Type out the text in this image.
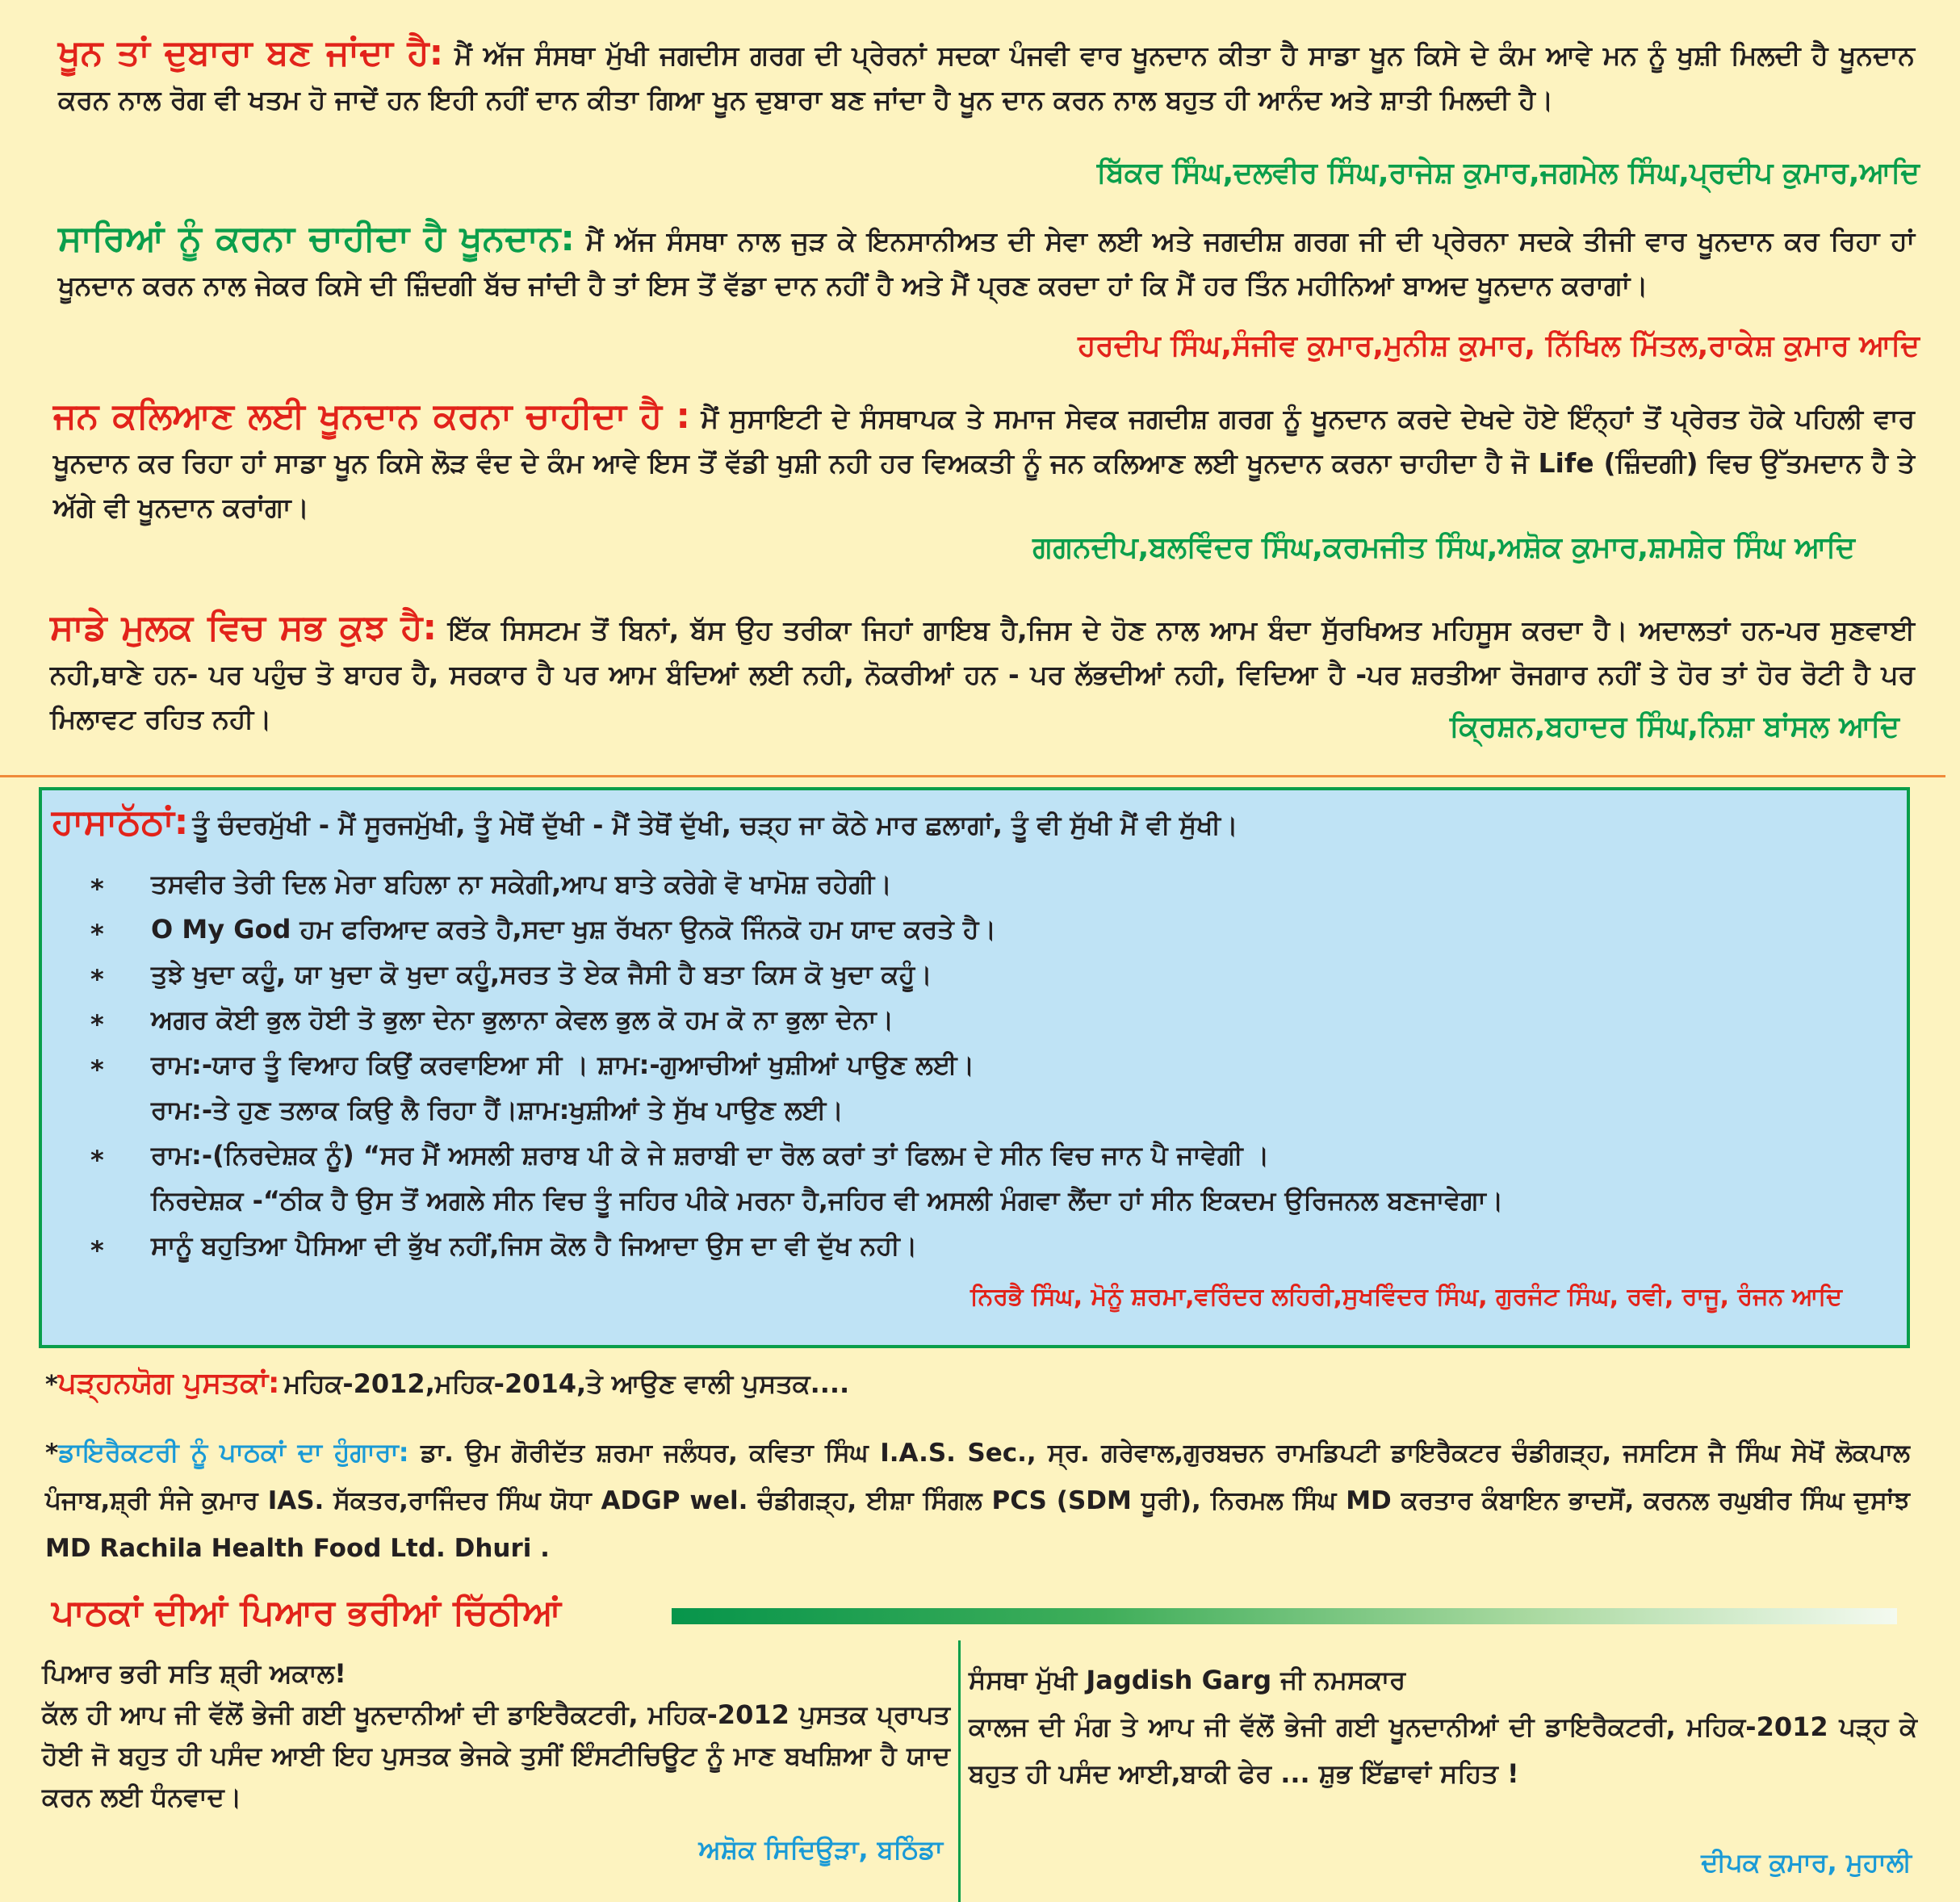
ਖੂਨ ਤਾਂ ਦੁਬਾਰਾ ਬਣ ਜਾਂਦਾ ਹੈ: ਮੈਂ ਅੱਜ ਸੰਸਥਾ ਮੁੱਖੀ ਜਗਦੀਸ ਗਰਗ ਦੀ ਪ੍ਰੇਰਨਾਂ ਸਦਕਾ ਪੰਜਵੀ ਵਾਰ ਖੂਨਦਾਨ ਕੀਤਾ ਹੈ ਸਾਡਾ ਖੂਨ ਕਿਸੇ ਦੇ ਕੰਮ ਆਵੇ ਮਨ ਨੂੰ ਖੁਸ਼ੀ ਮਿਲਦੀ ਹੈ ਖੂਨਦਾਨ ਕਰਨ ਨਾਲ ਰੋਗ ਵੀ ਖਤਮ ਹੋ ਜਾਦੇਂ ਹਨ ਇਹੀ ਨਹੀਂ ਦਾਨ ਕੀਤਾ ਗਿਆ ਖੂਨ ਦੁਬਾਰਾ ਬਣ ਜਾਂਦਾ ਹੈ ਖੂਨ ਦਾਨ ਕਰਨ ਨਾਲ ਬਹੁਤ ਹੀ ਆਨੰਦ ਅਤੇ ਸ਼ਾਤੀ ਮਿਲਦੀ ਹੈ।
ਬਿੱਕਰ ਸਿੰਘ,ਦਲਵੀਰ ਸਿੰਘ,ਰਾਜੇਸ਼ ਕੁਮਾਰ,ਜਗਮੇਲ ਸਿੰਘ,ਪ੍ਰਦੀਪ ਕੁਮਾਰ,ਆਦਿ
ਸਾਰਿਆਂ ਨੂੰ ਕਰਨਾ ਚਾਹੀਦਾ ਹੈ ਖੂਨਦਾਨ: ਮੈਂ ਅੱਜ ਸੰਸਥਾ ਨਾਲ ਜੁੜ ਕੇ ਇਨਸਾਨੀਅਤ ਦੀ ਸੇਵਾ ਲਈ ਅਤੇ ਜਗਦੀਸ਼ ਗਰਗ ਜੀ ਦੀ ਪ੍ਰੇਰਨਾ ਸਦਕੇ ਤੀਜੀ ਵਾਰ ਖੂਨਦਾਨ ਕਰ ਰਿਹਾ ਹਾਂ ਖੂਨਦਾਨ ਕਰਨ ਨਾਲ ਜੇਕਰ ਕਿਸੇ ਦੀ ਜ਼ਿੰਦਗੀ ਬੱਚ ਜਾਂਦੀ ਹੈ ਤਾਂ ਇਸ ਤੋਂ ਵੱਡਾ ਦਾਨ ਨਹੀਂ ਹੈ ਅਤੇ ਮੈਂ ਪ੍ਰਣ ਕਰਦਾ ਹਾਂ ਕਿ ਮੈਂ ਹਰ ਤਿੰਨ ਮਹੀਨਿਆਂ ਬਾਅਦ ਖੂਨਦਾਨ ਕਰਾਗਾਂ।
ਹਰਦੀਪ ਸਿੰਘ,ਸੰਜੀਵ ਕੁਮਾਰ,ਮੁਨੀਸ਼ ਕੁਮਾਰ, ਨਿੱਖਿਲ ਮਿੱਤਲ,ਰਾਕੇਸ਼ ਕੁਮਾਰ ਆਦਿ
ਜਨ ਕਲਿਆਣ ਲਈ ਖੂਨਦਾਨ ਕਰਨਾ ਚਾਹੀਦਾ ਹੈ : ਮੈਂ ਸੁਸਾਇਟੀ ਦੇ ਸੰਸਥਾਪਕ ਤੇ ਸਮਾਜ ਸੇਵਕ ਜਗਦੀਸ਼ ਗਰਗ ਨੂੰ ਖੂਨਦਾਨ ਕਰਦੇ ਦੇਖਦੇ ਹੋਏ ਇੰਨ੍ਹਾਂ ਤੋਂ ਪ੍ਰੇਰਤ ਹੋਕੇ ਪਹਿਲੀ ਵਾਰ ਖੂਨਦਾਨ ਕਰ ਰਿਹਾ ਹਾਂ ਸਾਡਾ ਖੂਨ ਕਿਸੇ ਲੋੜ ਵੰਦ ਦੇ ਕੰਮ ਆਵੇ ਇਸ ਤੋਂ ਵੱਡੀ ਖੁਸ਼ੀ ਨਹੀ ਹਰ ਵਿਅਕਤੀ ਨੂੰ ਜਨ ਕਲਿਆਣ ਲਈ ਖੂਨਦਾਨ ਕਰਨਾ ਚਾਹੀਦਾ ਹੈ ਜੋ Life (ਜ਼ਿੰਦਗੀ) ਵਿਚ ਉੱਤਮਦਾਨ ਹੈ ਤੇ ਅੱਗੇ ਵੀ ਖੂਨਦਾਨ ਕਰਾਂਗਾ।
ਗਗਨਦੀਪ,ਬਲਵਿੰਦਰ ਸਿੰਘ,ਕਰਮਜੀਤ ਸਿੰਘ,ਅਸ਼ੋਕ ਕੁਮਾਰ,ਸ਼ਮਸ਼ੇਰ ਸਿੰਘ ਆਦਿ
ਸਾਡੇ ਮੁਲਕ ਵਿਚ ਸਭ ਕੁਝ ਹੈ: ਇੱਕ ਸਿਸਟਮ ਤੋਂ ਬਿਨਾਂ, ਬੱਸ ਉਹ ਤਰੀਕਾ ਜਿਹਾਂ ਗਾਇਬ ਹੈ,ਜਿਸ ਦੇ ਹੋਣ ਨਾਲ ਆਮ ਬੰਦਾ ਸੁੱਰਖਿਅਤ ਮਹਿਸੂਸ ਕਰਦਾ ਹੈ। ਅਦਾਲਤਾਂ ਹਨ-ਪਰ ਸੁਣਵਾਈ ਨਹੀ,ਥਾਣੇ ਹਨ- ਪਰ ਪਹੁੰਚ ਤੋ ਬਾਹਰ ਹੈ, ਸਰਕਾਰ ਹੈ ਪਰ ਆਮ ਬੰਦਿਆਂ ਲਈ ਨਹੀ, ਨੋਕਰੀਆਂ ਹਨ - ਪਰ ਲੱਭਦੀਆਂ ਨਹੀ, ਵਿਦਿਆ ਹੈ -ਪਰ ਸ਼ਰਤੀਆ ਰੋਜਗਾਰ ਨਹੀਂ ਤੇ ਹੋਰ ਤਾਂ ਹੋਰ ਰੋਟੀ ਹੈ ਪਰ ਮਿਲਾਵਟ ਰਹਿਤ ਨਹੀ।	ਕ੍ਰਿਸ਼ਨ,ਬਹਾਦਰ ਸਿੰਘ,ਨਿਸ਼ਾ ਬਾਂਸਲ ਆਦਿ
ਹਾਸਾਠੱਠਾਂ: ਤੂੰ ਚੰਦਰਮੁੱਖੀ - ਮੈਂ ਸੂਰਜਮੁੱਖੀ, ਤੂੰ ਮੇਥੋਂ ਦੁੱਖੀ - ਮੈਂ ਤੇਥੋਂ ਦੁੱਖੀ, ਚੜ੍ਹ ਜਾ ਕੋਠੇ ਮਾਰ ਛਲਾਗਾਂ, ਤੂੰ ਵੀ ਸੁੱਖੀ ਮੈਂ ਵੀ ਸੁੱਖੀ।
* ਤਸਵੀਰ ਤੇਰੀ ਦਿਲ ਮੇਰਾ ਬਹਿਲਾ ਨਾ ਸਕੇਗੀ,ਆਪ ਬਾਤੇ ਕਰੇਗੇ ਵੋ ਖਾਮੋਸ਼ ਰਹੇਗੀ।
* O My God ਹਮ ਫਰਿਆਦ ਕਰਤੇ ਹੈ,ਸਦਾ ਖੁਸ਼ ਰੱਖਨਾ ਉਨਕੋ ਜਿੰਨਕੋ ਹਮ ਯਾਦ ਕਰਤੇ ਹੈ।
* ਤੁਝੇ ਖੁਦਾ ਕਹੂੰ, ਯਾ ਖੁਦਾ ਕੋ ਖੁਦਾ ਕਹੂੰ,ਸਰਤ ਤੋ ਏਕ ਜੈਸੀ ਹੈ ਬਤਾ ਕਿਸ ਕੋ ਖੁਦਾ ਕਹੂੰ।
* ਅਗਰ ਕੋਈ ਭੁਲ ਹੋਈ ਤੋ ਭੁਲਾ ਦੇਨਾ ਭੁਲਾਨਾ ਕੇਵਲ ਭੁਲ ਕੋ ਹਮ ਕੋ ਨਾ ਭੁਲਾ ਦੇਨਾ।
* ਰਾਮ:-ਯਾਰ ਤੂੰ ਵਿਆਹ ਕਿਉਂ ਕਰਵਾਇਆ ਸੀ । ਸ਼ਾਮ:-ਗੁਆਚੀਆਂ ਖੁਸ਼ੀਆਂ ਪਾਉਣ ਲਈ।
ਰਾਮ:-ਤੇ ਹੁਣ ਤਲਾਕ ਕਿਉ ਲੈ ਰਿਹਾ ਹੈਂ।ਸ਼ਾਮ:ਖੁਸ਼ੀਆਂ ਤੇ ਸੁੱਖ ਪਾਉਣ ਲਈ।
* ਰਾਮ:-(ਨਿਰਦੇਸ਼ਕ ਨੂੰ) “ਸਰ ਮੈਂ ਅਸਲੀ ਸ਼ਰਾਬ ਪੀ ਕੇ ਜੇ ਸ਼ਰਾਬੀ ਦਾ ਰੋਲ ਕਰਾਂ ਤਾਂ ਫਿਲਮ ਦੇ ਸੀਨ ਵਿਚ ਜਾਨ ਪੈ ਜਾਵੇਗੀ ।
ਨਿਰਦੇਸ਼ਕ -“ਠੀਕ ਹੈ ਉਸ ਤੋਂ ਅਗਲੇ ਸੀਨ ਵਿਚ ਤੂੰ ਜਹਿਰ ਪੀਕੇ ਮਰਨਾ ਹੈ,ਜਹਿਰ ਵੀ ਅਸਲੀ ਮੰਗਵਾ ਲੈਂਦਾ ਹਾਂ ਸੀਨ ਇਕਦਮ ਉਰਿਜਨਲ ਬਣਜਾਵੇਗਾ।
* ਸਾਨੂੰ ਬਹੁਤਿਆ ਪੈਸਿਆ ਦੀ ਭੁੱਖ ਨਹੀਂ,ਜਿਸ ਕੋਲ ਹੈ ਜਿਆਦਾ ਉਸ ਦਾ ਵੀ ਦੁੱਖ ਨਹੀ।
ਨਿਰਭੈ ਸਿੰਘ, ਮੋਨੂੰ ਸ਼ਰਮਾ,ਵਰਿੰਦਰ ਲਹਿਰੀ,ਸੁਖਵਿੰਦਰ ਸਿੰਘ, ਗੁਰਜੰਟ ਸਿੰਘ, ਰਵੀ, ਰਾਜੂ, ਰੰਜਨ ਆਦਿ
*ਪੜ੍ਹਨਯੋਗ ਪੁਸਤਕਾਂ: ਮਹਿਕ-2012,ਮਹਿਕ-2014,ਤੇ ਆਉਣ ਵਾਲੀ ਪੁਸਤਕ....
*ਡਾਇਰੈਕਟਰੀ ਨੂੰ ਪਾਠਕਾਂ ਦਾ ਹੁੰਗਾਰਾ: ਡਾ. ਉਮ ਗੋਰੀਦੱਤ ਸ਼ਰਮਾ ਜਲੰਧਰ, ਕਵਿਤਾ ਸਿੰਘ I.A.S. Sec., ਸ੍ਰ. ਗਰੇਵਾਲ,ਗੁਰਬਚਨ ਰਾਮਡਿਪਟੀ ਡਾਇਰੈਕਟਰ ਚੰਡੀਗੜ੍ਹ, ਜਸਟਿਸ ਜੈ ਸਿੰਘ ਸੇਖੋਂ ਲੋਕਪਾਲ ਪੰਜਾਬ,ਸ਼੍ਰੀ ਸੰਜੇ ਕੁਮਾਰ IAS. ਸੱਕਤਰ,ਰਾਜਿੰਦਰ ਸਿੰਘ ਯੋਧਾ ADGP wel. ਚੰਡੀਗੜ੍ਹ, ਈਸ਼ਾ ਸਿੰਗਲ PCS (SDM ਧੂਰੀ), ਨਿਰਮਲ ਸਿੰਘ MD ਕਰਤਾਰ ਕੰਬਾਇਨ ਭਾਦਸੋਂ, ਕਰਨਲ ਰਘੁਬੀਰ ਸਿੰਘ ਦੁਸਾਂਝ MD Rachila Health Food Ltd. Dhuri .
ਪਾਠਕਾਂ ਦੀਆਂ ਪਿਆਰ ਭਰੀਆਂ ਚਿੱਠੀਆਂ
ਪਿਆਰ ਭਰੀ ਸਤਿ ਸ਼੍ਰੀ ਅਕਾਲ!
ਕੱਲ ਹੀ ਆਪ ਜੀ ਵੱਲੋਂ ਭੇਜੀ ਗਈ ਖੂਨਦਾਨੀਆਂ ਦੀ ਡਾਇਰੈਕਟਰੀ, ਮਹਿਕ-2012 ਪੁਸਤਕ ਪ੍ਰਾਪਤ ਹੋਈ ਜੋ ਬਹੁਤ ਹੀ ਪਸੰਦ ਆਈ ਇਹ ਪੁਸਤਕ ਭੇਜਕੇ ਤੁਸੀਂ ਇੰਸਟੀਚਿਊਟ ਨੂੰ ਮਾਣ ਬਖਸ਼ਿਆ ਹੈ ਯਾਦ ਕਰਨ ਲਈ ਧੰਨਵਾਦ।
ਅਸ਼ੋਕ ਸਿਦਿਊੜਾ, ਬਠਿੰਡਾ
ਸੰਸਥਾ ਮੁੱਖੀ Jagdish Garg ਜੀ ਨਮਸਕਾਰ
ਕਾਲਜ ਦੀ ਮੰਗ ਤੇ ਆਪ ਜੀ ਵੱਲੋਂ ਭੇਜੀ ਗਈ ਖੂਨਦਾਨੀਆਂ ਦੀ ਡਾਇਰੈਕਟਰੀ, ਮਹਿਕ-2012 ਪੜ੍ਹ ਕੇ ਬਹੁਤ ਹੀ ਪਸੰਦ ਆਈ,ਬਾਕੀ ਫੇਰ ... ਸ਼ੁਭ ਇੱਛਾਵਾਂ ਸਹਿਤ !
ਦੀਪਕ ਕੁਮਾਰ, ਮੁਹਾਲੀ
